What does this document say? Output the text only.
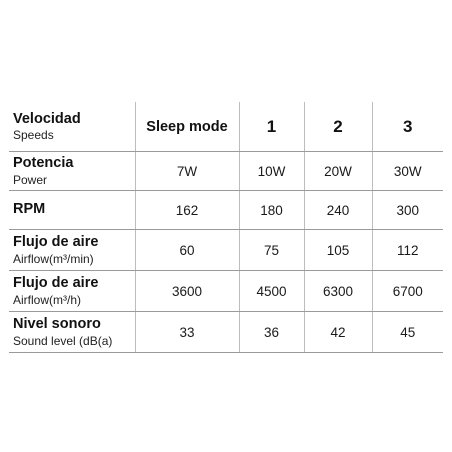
Velocidad
Speeds	Sleep mode	1	2	3

Potencia
Power	7W	10W	20W	30W

RPM	162	180	240	300

Flujo de aire
Airflow(m³/min)	60	75	105	112

Flujo de aire
Airflow(m³/h)	3600	4500	6300	6700

Nivel sonoro
Sound level (dB(a)	33	36	42	45
